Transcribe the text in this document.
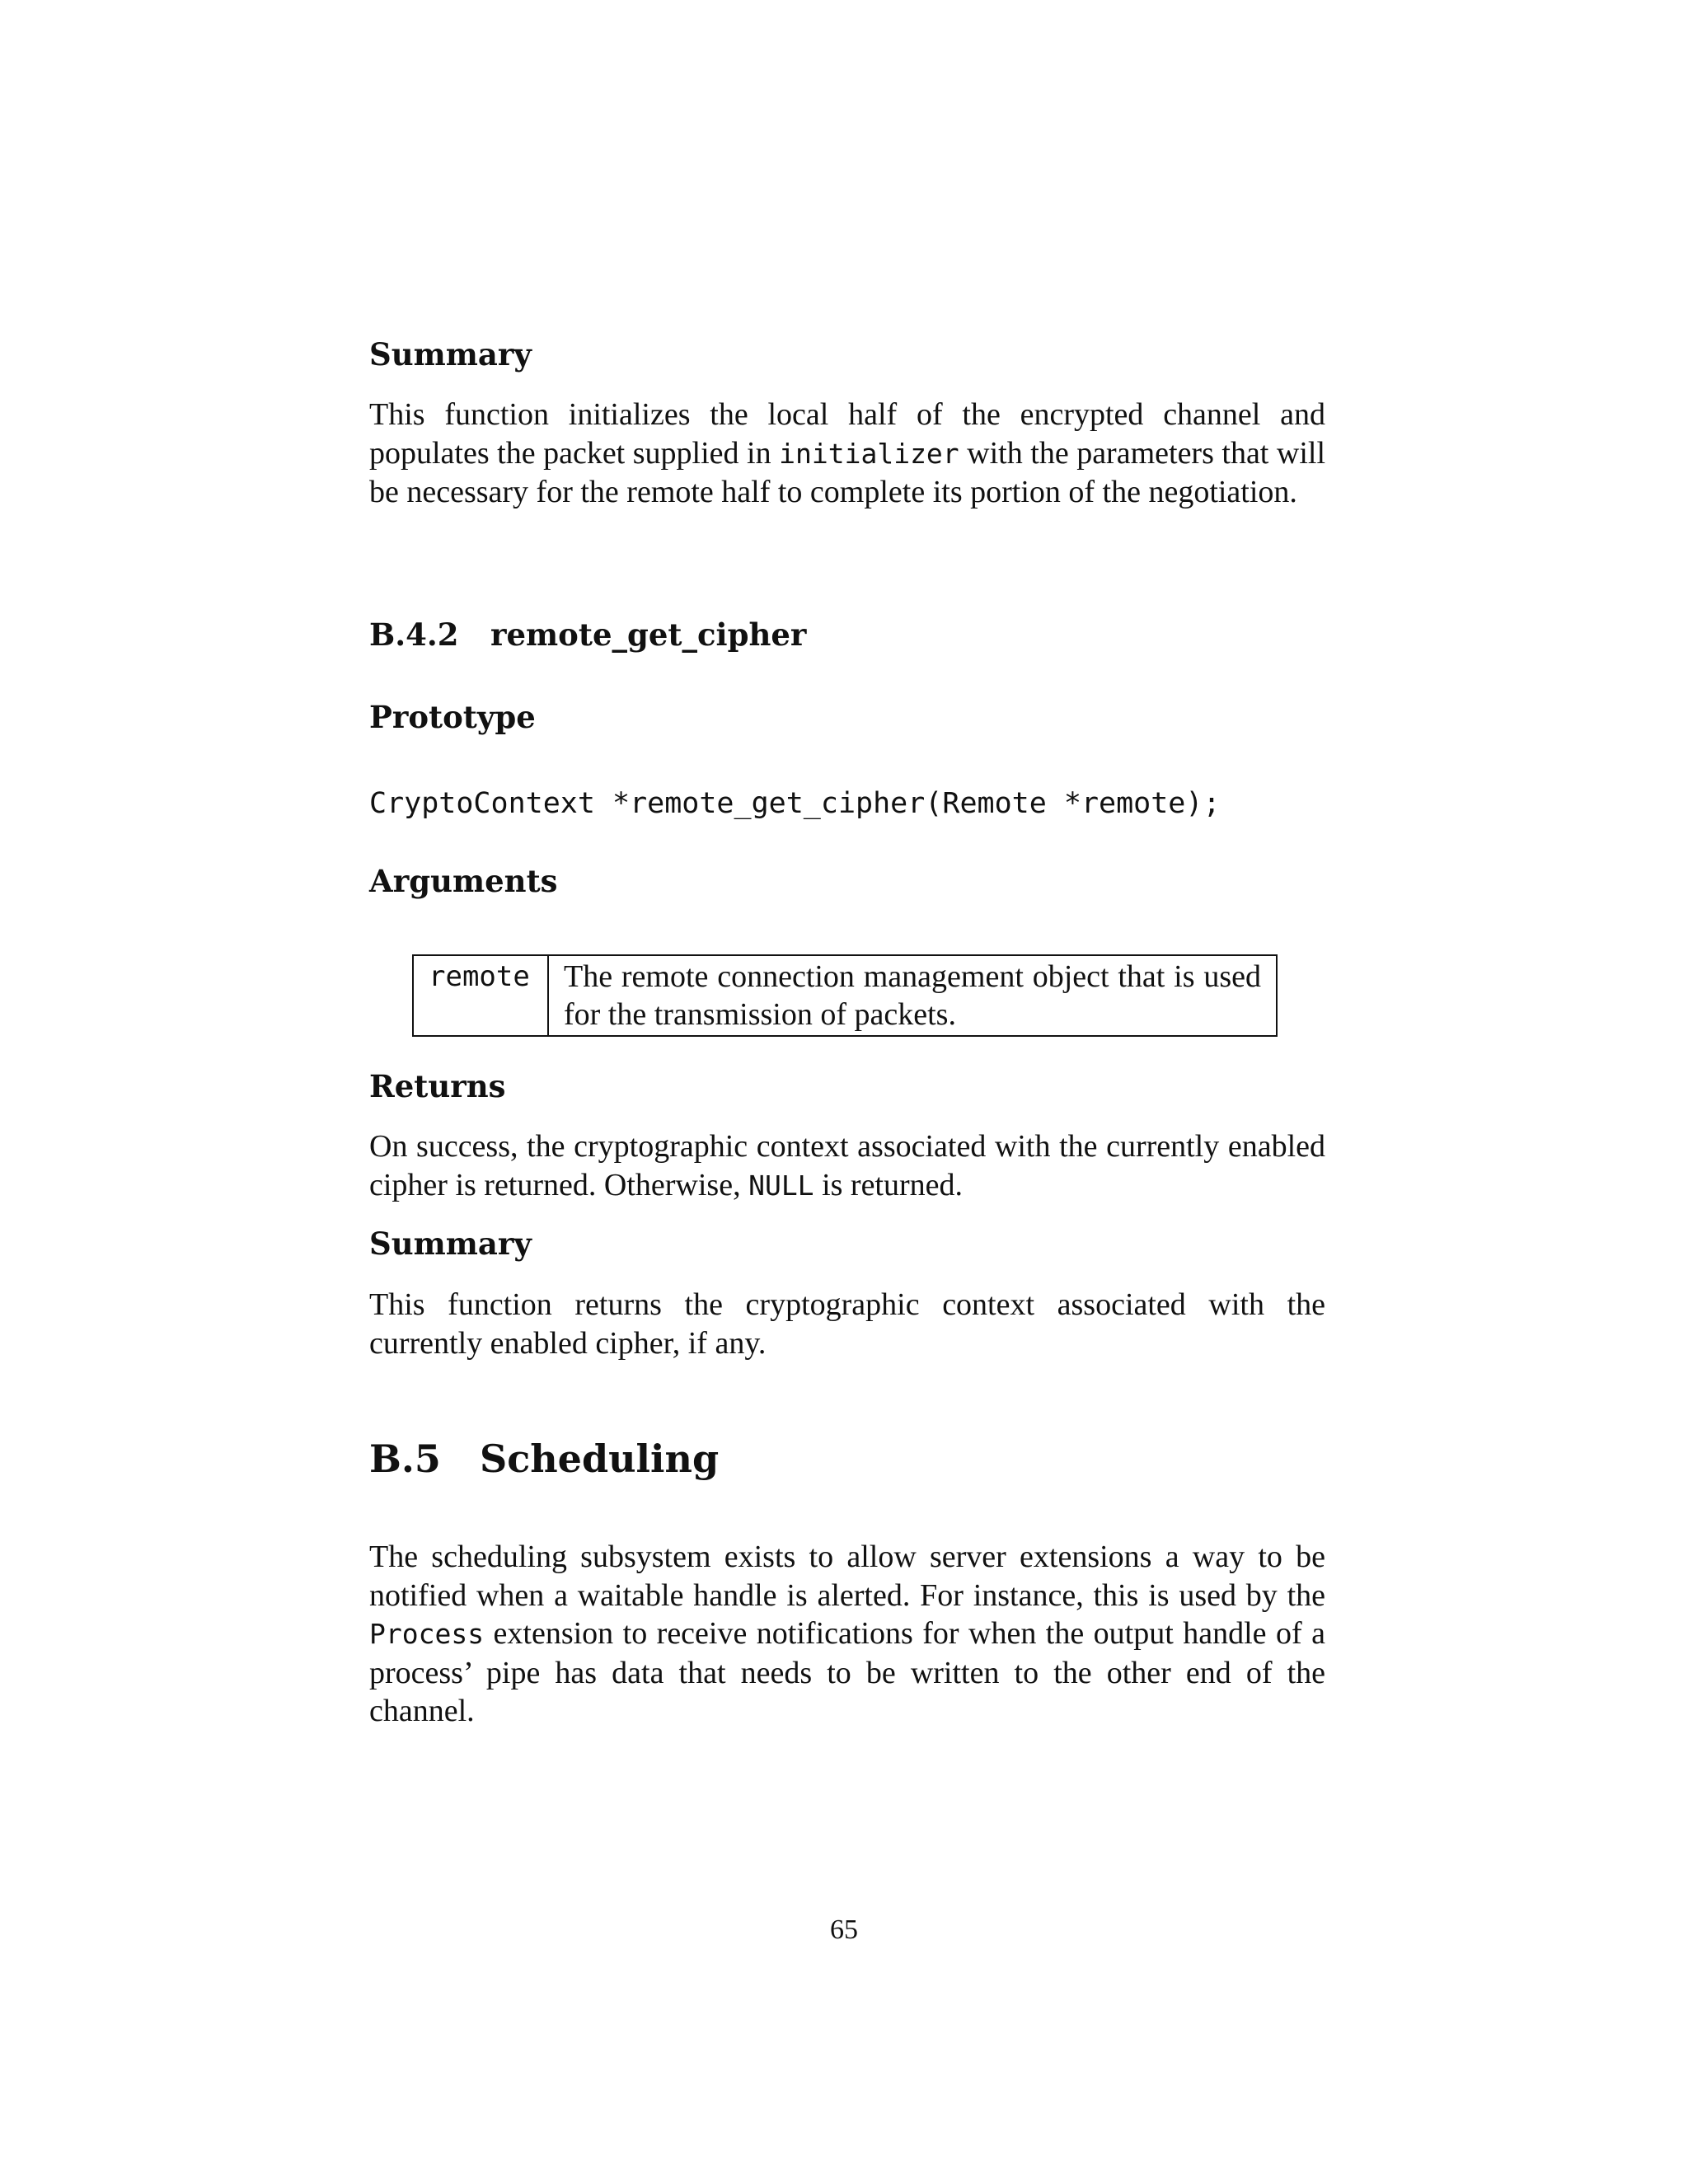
Summary
This function initializes the local half of the encrypted channel and populates the packet supplied in initializer with the parameters that will be necessary for the remote half to complete its portion of the negotiation.
B.4.2 remote_get_cipher
Prototype
CryptoContext *remote_get_cipher(Remote *remote);
Arguments
remote	The remote connection management object that is used for the transmission of packets.
Returns
On success, the cryptographic context associated with the currently enabled cipher is returned. Otherwise, NULL is returned.
Summary
This function returns the cryptographic context associated with the currently enabled cipher, if any.
B.5 Scheduling
The scheduling subsystem exists to allow server extensions a way to be notified when a waitable handle is alerted. For instance, this is used by the Process extension to receive notifications for when the output handle of a process’ pipe has data that needs to be written to the other end of the channel.
65
